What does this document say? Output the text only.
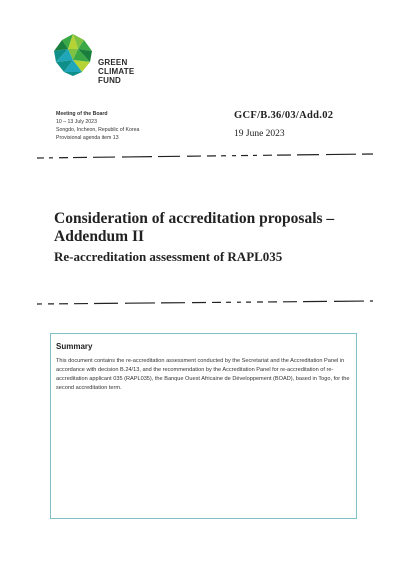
GREEN
CLIMATE
FUND
Meeting of the Board
10 – 13 July 2023
Songdo, Incheon, Republic of Korea
Provisional agenda item 13
GCF/B.36/03/Add.02
19 June 2023
Consideration of accreditation proposals – Addendum II
Re-accreditation assessment of RAPL035
Summary

This document contains the re-accreditation assessment conducted by the Secretariat and the Accreditation Panel in accordance with decision B.24/13, and the recommendation by the Accreditation Panel for re-accreditation of re-accreditation applicant 035 (RAPL035), the Banque Ouest Africaine de Développement (BOAD), based in Togo, for the second accreditation term.
